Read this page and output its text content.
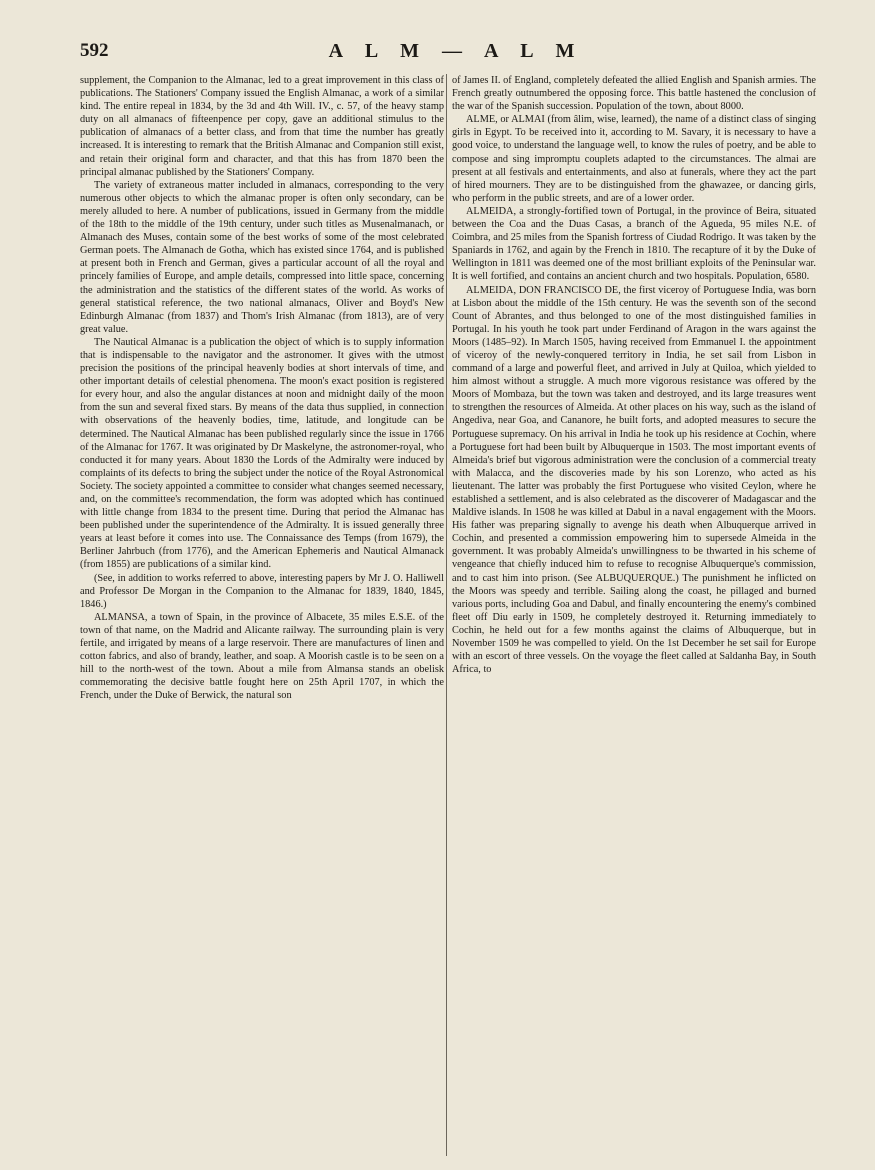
592	A L M — A L M

supplement, the Companion to the Almanac, led to a great improvement in this class of publications. The Stationers' Company issued the English Almanac, a work of a similar kind. The entire repeal in 1834, by the 3d and 4th Will. IV., c. 57, of the heavy stamp duty on all almanacs of fifteenpence per copy, gave an additional stimulus to the publication of almanacs of a better class, and from that time the number has greatly increased. It is interesting to remark that the British Almanac and Companion still exist, and retain their original form and character, and that this has from 1870 been the principal almanac published by the Stationers' Company.

The variety of extraneous matter included in almanacs, corresponding to the very numerous other objects to which the almanac proper is often only secondary, can be merely alluded to here. A number of publications, issued in Germany from the middle of the 18th to the middle of the 19th century, under such titles as Musenalmanach, or Almanach des Muses, contain some of the best works of some of the most celebrated German poets. The Almanach de Gotha, which has existed since 1764, and is published at present both in French and German, gives a particular account of all the royal and princely families of Europe, and ample details, compressed into little space, concerning the administration and the statistics of the different states of the world. As works of general statistical reference, the two national almanacs, Oliver and Boyd's New Edinburgh Almanac (from 1837) and Thom's Irish Almanac (from 1813), are of very great value.

The Nautical Almanac is a publication the object of which is to supply information that is indispensable to the navigator and the astronomer. It gives with the utmost precision the positions of the principal heavenly bodies at short intervals of time, and other important details of celestial phenomena. The moon's exact position is registered for every hour, and also the angular distances at noon and midnight daily of the moon from the sun and several fixed stars. By means of the data thus supplied, in connection with observations of the heavenly bodies, time, latitude, and longitude can be determined. The Nautical Almanac has been published regularly since the issue in 1766 of the Almanac for 1767. It was originated by Dr Maskelyne, the astronomer-royal, who conducted it for many years. About 1830 the Lords of the Admiralty were induced by complaints of its defects to bring the subject under the notice of the Royal Astronomical Society. The society appointed a committee to consider what changes seemed necessary, and, on the committee's recommendation, the form was adopted which has continued with little change from 1834 to the present time. During that period the Almanac has been published under the superintendence of the Admiralty. It is issued generally three years at least before it comes into use. The Connaissance des Temps (from 1679), the Berliner Jahrbuch (from 1776), and the American Ephemeris and Nautical Almanack (from 1855) are publications of a similar kind.

(See, in addition to works referred to above, interesting papers by Mr J. O. Halliwell and Professor De Morgan in the Companion to the Almanac for 1839, 1840, 1845, 1846.)

ALMANSA, a town of Spain, in the province of Albacete, 35 miles E.S.E. of the town of that name, on the Madrid and Alicante railway. The surrounding plain is very fertile, and irrigated by means of a large reservoir. There are manufactures of linen and cotton fabrics, and also of brandy, leather, and soap. A Moorish castle is to be seen on a hill to the north-west of the town. About a mile from Almansa stands an obelisk commemorating the decisive battle fought here on 25th April 1707, in which the French, under the Duke of Berwick, the natural son

of James II. of England, completely defeated the allied English and Spanish armies. The French greatly outnumbered the opposing force. This battle hastened the conclusion of the war of the Spanish succession. Population of the town, about 8000.

ALME, or ALMAI (from âlim, wise, learned), the name of a distinct class of singing girls in Egypt. To be received into it, according to M. Savary, it is necessary to have a good voice, to understand the language well, to know the rules of poetry, and be able to compose and sing impromptu couplets adapted to the circumstances. The almai are present at all festivals and entertainments, and also at funerals, where they act the part of hired mourners. They are to be distinguished from the ghawazee, or dancing girls, who perform in the public streets, and are of a lower order.

ALMEIDA, a strongly-fortified town of Portugal, in the province of Beira, situated between the Coa and the Duas Casas, a branch of the Agueda, 95 miles N.E. of Coimbra, and 25 miles from the Spanish fortress of Ciudad Rodrigo. It was taken by the Spaniards in 1762, and again by the French in 1810. The recapture of it by the Duke of Wellington in 1811 was deemed one of the most brilliant exploits of the Peninsular war. It is well fortified, and contains an ancient church and two hospitals. Population, 6580.

ALMEIDA, DON FRANCISCO DE, the first viceroy of Portuguese India, was born at Lisbon about the middle of the 15th century. He was the seventh son of the second Count of Abrantes, and thus belonged to one of the most distinguished families in Portugal. In his youth he took part under Ferdinand of Aragon in the wars against the Moors (1485–92). In March 1505, having received from Emmanuel I. the appointment of viceroy of the newly-conquered territory in India, he set sail from Lisbon in command of a large and powerful fleet, and arrived in July at Quiloa, which yielded to him almost without a struggle. A much more vigorous resistance was offered by the Moors of Mombaza, but the town was taken and destroyed, and its large treasures went to strengthen the resources of Almeida. At other places on his way, such as the island of Angediva, near Goa, and Cananore, he built forts, and adopted measures to secure the Portuguese supremacy. On his arrival in India he took up his residence at Cochin, where a Portuguese fort had been built by Albuquerque in 1503. The most important events of Almeida's brief but vigorous administration were the conclusion of a commercial treaty with Malacca, and the discoveries made by his son Lorenzo, who acted as his lieutenant. The latter was probably the first Portuguese who visited Ceylon, where he established a settlement, and is also celebrated as the discoverer of Madagascar and the Maldive islands. In 1508 he was killed at Dabul in a naval engagement with the Moors. His father was preparing signally to avenge his death when Albuquerque arrived in Cochin, and presented a commission empowering him to supersede Almeida in the government. It was probably Almeida's unwillingness to be thwarted in his scheme of vengeance that chiefly induced him to refuse to recognise Albuquerque's commission, and to cast him into prison. (See ALBUQUERQUE.) The punishment he inflicted on the Moors was speedy and terrible. Sailing along the coast, he pillaged and burned various ports, including Goa and Dabul, and finally encountering the enemy's combined fleet off Diu early in 1509, he completely destroyed it. Returning immediately to Cochin, he held out for a few months against the claims of Albuquerque, but in November 1509 he was compelled to yield. On the 1st December he set sail for Europe with an escort of three vessels. On the voyage the fleet called at Saldanha Bay, in South Africa, to
